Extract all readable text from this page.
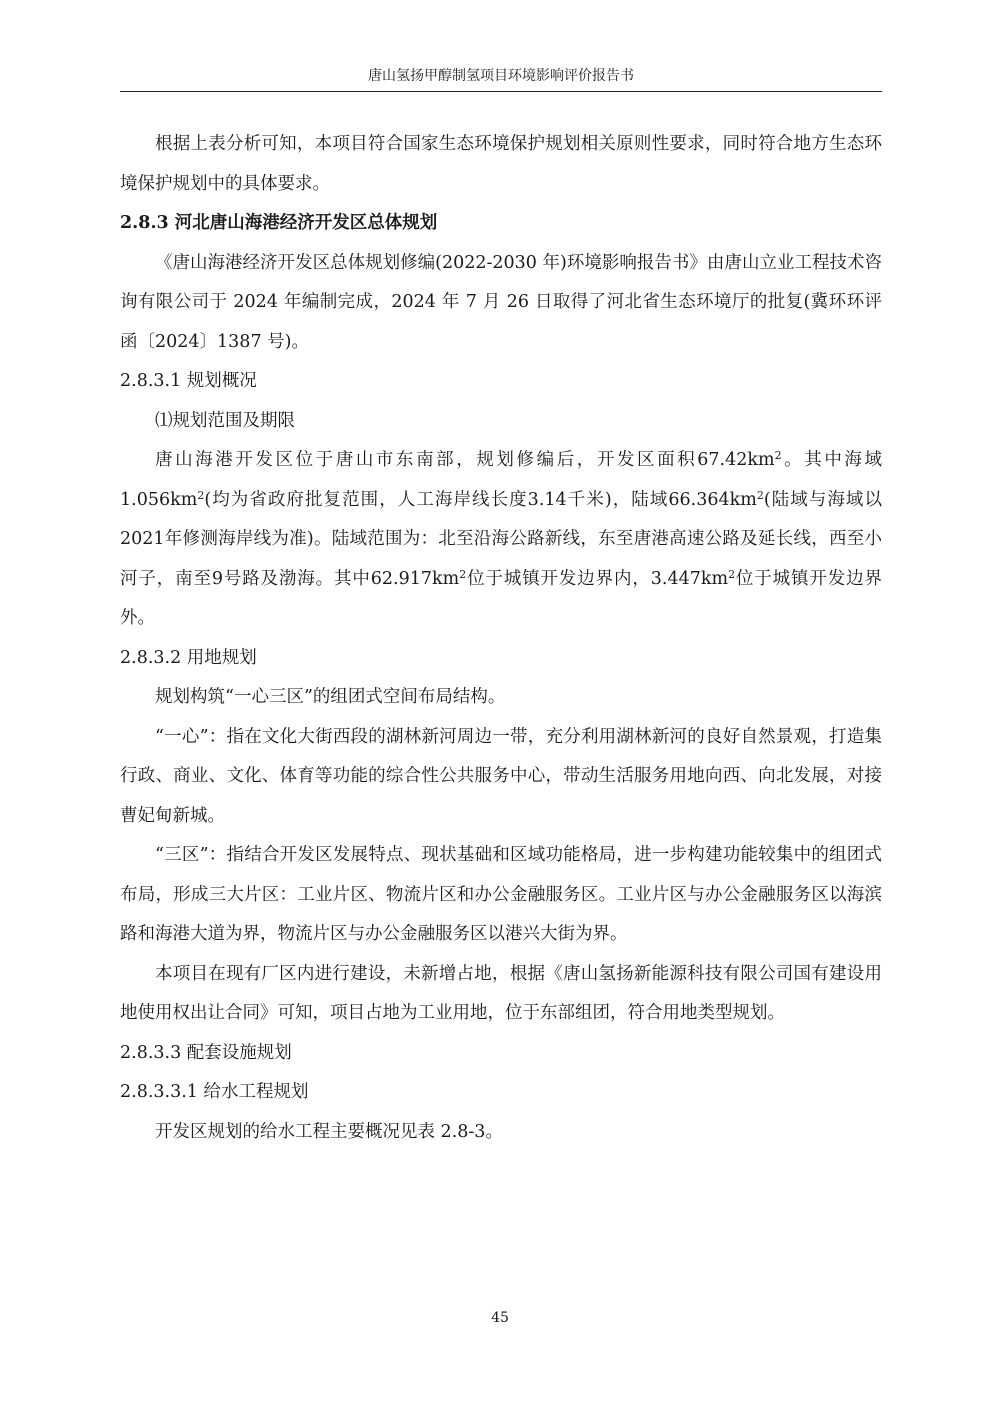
唐山氢扬甲醇制氢项目环境影响评价报告书

根据上表分析可知，本项目符合国家生态环境保护规划相关原则性要求，同时符合地方生态环境保护规划中的具体要求。

2.8.3 河北唐山海港经济开发区总体规划

《唐山海港经济开发区总体规划修编(2022-2030 年)环境影响报告书》由唐山立业工程技术咨询有限公司于 2024 年编制完成，2024 年 7 月 26 日取得了河北省生态环境厅的批复(冀环环评函〔2024〕1387 号)。

2.8.3.1 规划概况

⑴规划范围及期限

唐山海港开发区位于唐山市东南部，规划修编后，开发区面积$67.42km^2$。其中海域$1.056km^2$(均为省政府批复范围，人工海岸线长度3.14千米)，陆域$66.364km^2$(陆域与海域以2021年修测海岸线为准)。陆域范围为：北至沿海公路新线，东至唐港高速公路及延长线，西至小河子，南至9号路及渤海。其中$62.917km^2$位于城镇开发边界内，$3.447km^2$位于城镇开发边界外。

2.8.3.2 用地规划

规划构筑“一心三区”的组团式空间布局结构。

“一心”：指在文化大街西段的湖林新河周边一带，充分利用湖林新河的良好自然景观，打造集行政、商业、文化、体育等功能的综合性公共服务中心，带动生活服务用地向西、向北发展，对接曹妃甸新城。

“三区”：指结合开发区发展特点、现状基础和区域功能格局，进一步构建功能较集中的组团式布局，形成三大片区：工业片区、物流片区和办公金融服务区。工业片区与办公金融服务区以海滨路和海港大道为界，物流片区与办公金融服务区以港兴大街为界。

本项目在现有厂区内进行建设，未新增占地，根据《唐山氢扬新能源科技有限公司国有建设用地使用权出让合同》可知，项目占地为工业用地，位于东部组团，符合用地类型规划。

2.8.3.3 配套设施规划

2.8.3.3.1 给水工程规划

开发区规划的给水工程主要概况见表 2.8-3。

45
